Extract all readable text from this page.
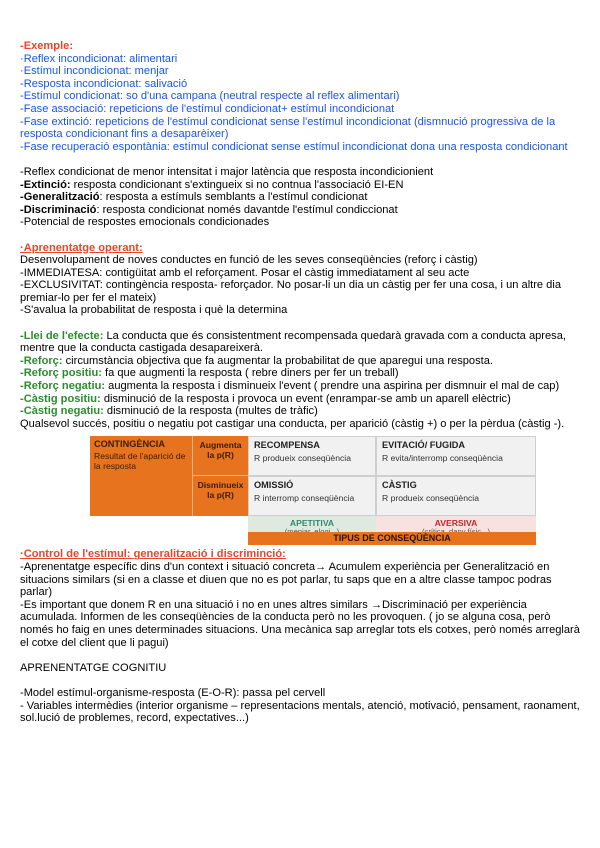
-Exemple:
·Reflex incondicionat: alimentari
·Estímul incondicionat: menjar
-Resposta incondicionat: salivació
-Estímul condicionat: so d'una campana (neutral respecte al reflex alimentari)
-Fase associació: repeticions de l'estímul condicionat+ estímul incondicionat
-Fase extinció: repeticions de l'estímul condicionat sense l'estímul incondicionat (dismnució progressiva de la resposta condicionant fins a desaparèixer)
-Fase recuperació espontània: estímul condicionat sense estímul incondicionat dona una resposta condicionant
-Reflex condicionat de menor intensitat i major latència que resposta incondicionient
-Extinció: resposta condicionant s'extingueix si no contnua l'associació EI-EN
-Generalització: resposta a estímuls semblants a l'estímul condicionat
-Discriminació: resposta condicionat només davantde l'estímul condiccionat
-Potencial de respostes emocionals condicionades
·Aprenentatge operant:
Desenvolupament de noves conductes en funció de les seves conseqüències (reforç i càstig)
-IMMEDIATESA: contigüitat amb el reforçament. Posar el càstig immediatament al seu acte
-EXCLUSIVITAT: contingència resposta- reforçador. No posar-li un dia un càstig per fer una cosa, i un altre dia premiar-lo per fer el mateix)
-S'avalua la probabilitat de resposta i què la determina
-Llei de l'efecte: La conducta que és consistentment recompensada quedarà gravada com a conducta apresa, mentre que la conducta castigada desapareixerà.
-Reforç: circumstància objectiva que fa augmentar la probabilitat de que aparegui una resposta.
-Reforç positiu: fa que augmenti la resposta ( rebre diners per fer un treball)
-Reforç negatiu: augmenta la resposta i disminueix l'event ( prendre una aspirina per dismnuir el mal de cap)
-Càstig positiu: disminució de la resposta i provoca un event (enrampar-se amb un aparell elèctric)
-Càstig negatiu: disminució de la resposta (multes de tràfic)
Qualsevol succés, positiu o negatiu pot castigar una conducta, per aparició (càstig +) o per la pèrdua (càstig -).
CONTINGÈNCIA
Resultat de l'aparició de la resposta
Augmenta la p(R)
Disminueix la p(R)
RECOMPENSA
R produeix conseqüència
EVITACIÓ/ FUGIDA
R evita/interromp conseqüència
OMISSIÓ
R interromp conseqüència
CÀSTIG
R produeix conseqüència
APETITIVA	AVERSIVA
TIPUS DE CONSEQÜÈNCIA
·Control de l'estímul: generalització i discriminció:
-Aprenentatge específic dins d'un context i situació concreta→ Acumulem experiència per Generalització en situacions similars (si en a classe et diuen que no es pot parlar, tu saps que en a altre classe tampoc podras parlar)
-Es important que donem R en una situació i no en unes altres similars →Discriminació per experiència acumulada. Informen de les conseqüències de la conducta però no les provoquen. ( jo se alguna cosa, però només ho faig en unes determinades situacions. Una mecànica sap arreglar tots els cotxes, però només arreglarà el cotxe del client que li pagui)
APRENENTATGE COGNITIU
-Model estímul-organisme-resposta (E-O-R): passa pel cervell
- Variables intermèdies (interior organisme – representacions mentals, atenció, motivació, pensament, raonament, sol.lució de problemes, record, expectatives...)
